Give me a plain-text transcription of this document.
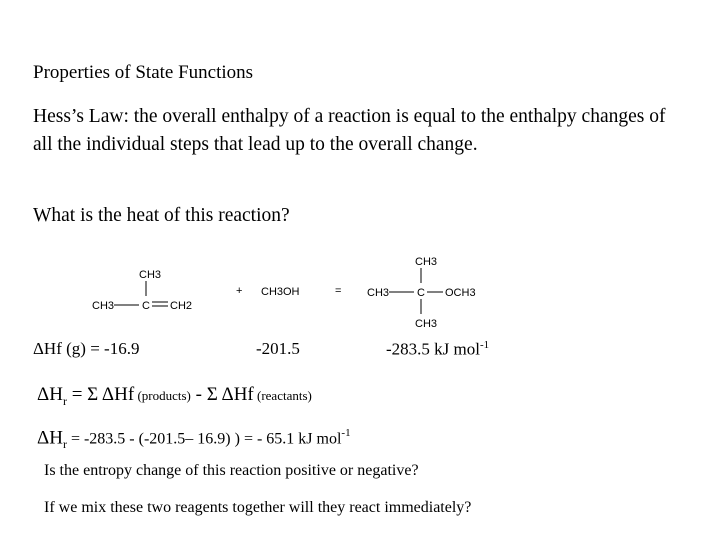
Properties of State Functions
Hess’s Law: the overall enthalpy of a reaction is equal to the enthalpy changes of all the individual steps that lead up to the overall change.
What is the heat of this reaction?
CH3
CH3	C CH2
+ CH3OH	=
CH3
CH3	C OCH3
CH3
ΔHf (g) = -16.9	-201.5	-283.5 kJ mol$^{-1}$
$\Delta H_r = \Sigma$ ΔHf (products) - Σ ΔHf (reactants)
$\Delta H_r = -283.5 - (-201.5-$ 16.9) ) = - 65.1 kJ mol$^{-1}$
Is the entropy change of this reaction positive or negative?
If we mix these two reagents together will they react immediately?
